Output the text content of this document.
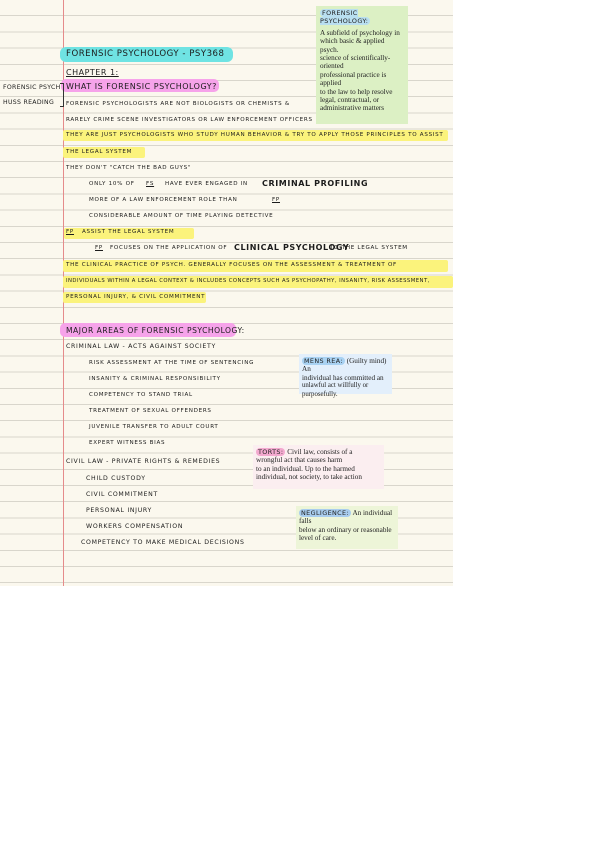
FORENSIC PSYCH
HUSS READING
FORENSIC PSYCHOLOGY - PSY368
CHAPTER 1:
WHAT IS FORENSIC PSYCHOLOGY?
FORENSIC PSYCHOLOGISTS ARE NOT BIOLOGISTS OR CHEMISTS &
RARELY CRIME SCENE INVESTIGATORS OR LAW ENFORCEMENT OFFICERS
THEY ARE JUST PSYCHOLOGISTS WHO STUDY HUMAN BEHAVIOR & TRY TO APPLY THOSE PRINCIPLES TO ASSIST
THE LEGAL SYSTEM
THEY DON'T "CATCH THE BAD GUYS"
ONLY 10% OF FS HAVE EVER ENGAGED IN CRIMINAL PROFILING
MORE OF A LAW ENFORCEMENT ROLE THAN	FP
CONSIDERABLE AMOUNT OF TIME PLAYING DETECTIVE
FP ASSIST THE LEGAL SYSTEM
FP FOCUSES ON THE APPLICATION OF CLINICAL PSYCHOLOGY
TO THE LEGAL SYSTEM
THE CLINICAL PRACTICE OF PSYCH. GENERALLY FOCUSES ON THE ASSESSMENT & TREATMENT OF
INDIVIDUALS WITHIN A LEGAL CONTEXT & INCLUDES CONCEPTS SUCH AS PSYCHOPATHY, INSANITY, RISK ASSESSMENT,
PERSONAL INJURY, & CIVIL COMMITMENT
MAJOR AREAS OF FORENSIC PSYCHOLOGY:
CRIMINAL LAW - ACTS AGAINST SOCIETY
RISK ASSESSMENT AT THE TIME OF SENTENCING
INSANITY & CRIMINAL RESPONSIBILITY
COMPETENCY TO STAND TRIAL
TREATMENT OF SEXUAL OFFENDERS
JUVENILE TRANSFER TO ADULT COURT
EXPERT WITNESS BIAS
CIVIL LAW - PRIVATE RIGHTS & REMEDIES
CHILD CUSTODY
CIVIL COMMITMENT
PERSONAL INJURY
WORKERS COMPENSATION
COMPETENCY TO MAKE MEDICAL DECISIONS
FORENSIC PSYCHOLOGY:
A subfield of psychology in
which basic & applied psych.
science of scientifically-oriented
professional practice is applied
to the law to help resolve
legal, contractual, or
administrative matters
MENS REA: (Guilty mind) An
individual has committed an
unlawful act willfully or purposefully.
TORTS: Civil law, consists of a
wrongful act that causes harm
to an individual. Up to the harmed
individual, not society, to take action
NEGLIGENCE: An individual falls
below an ordinary or reasonable
level of care.
